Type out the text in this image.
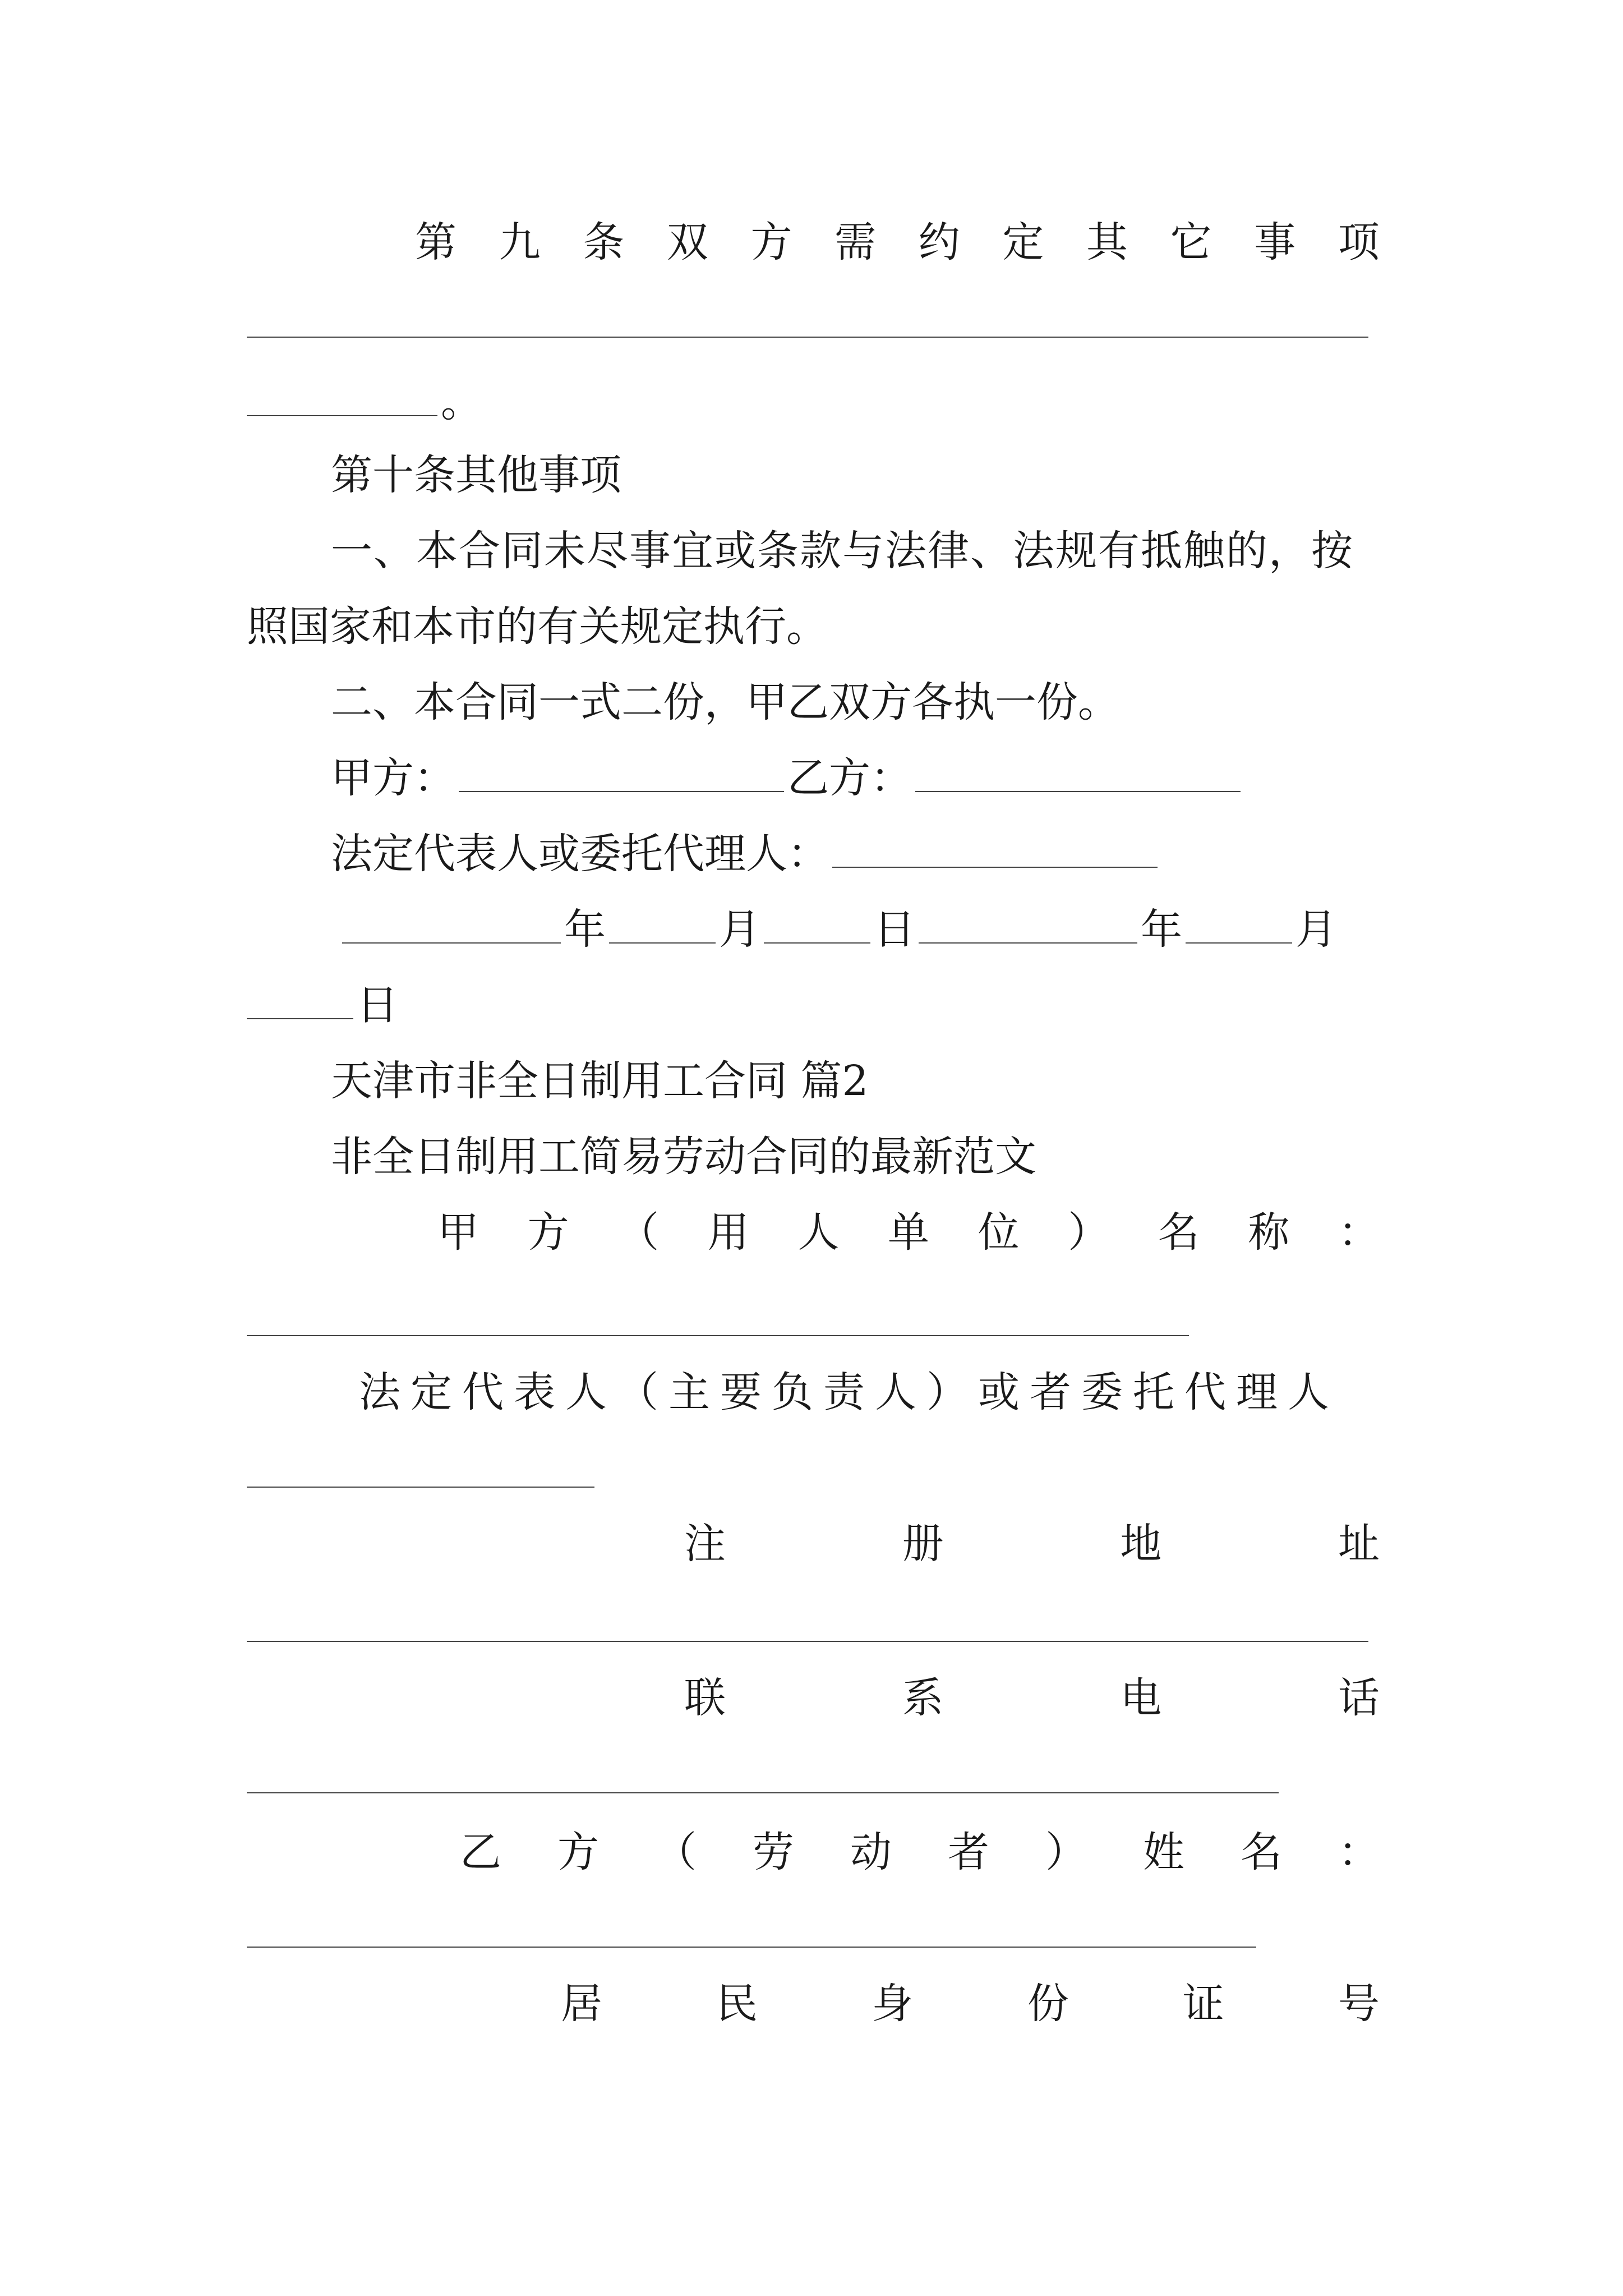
第 九 条 双 方 需 约 定 其 它 事 项
。
第十条其他事项
一、本合同未尽事宜或条款与法律、法规有抵触的，按
照国家和本市的有关规定执行。
二、本合同一式二份，甲乙双方各执一份。
甲方：	乙方：
法定代表人或委托代理人：
年	月	日	年	月
日
天津市非全日制用工合同 篇2
非全日制用工简易劳动合同的最新范文
甲 方 （ 用 人 单 位 ） 名 称 ：
法定代表人（主要负责人）或者委托代理人
注	册	地	址
联	系	电	话
乙 方 （ 劳 动 者 ） 姓 名 ：
居	民	身	份	证	号
